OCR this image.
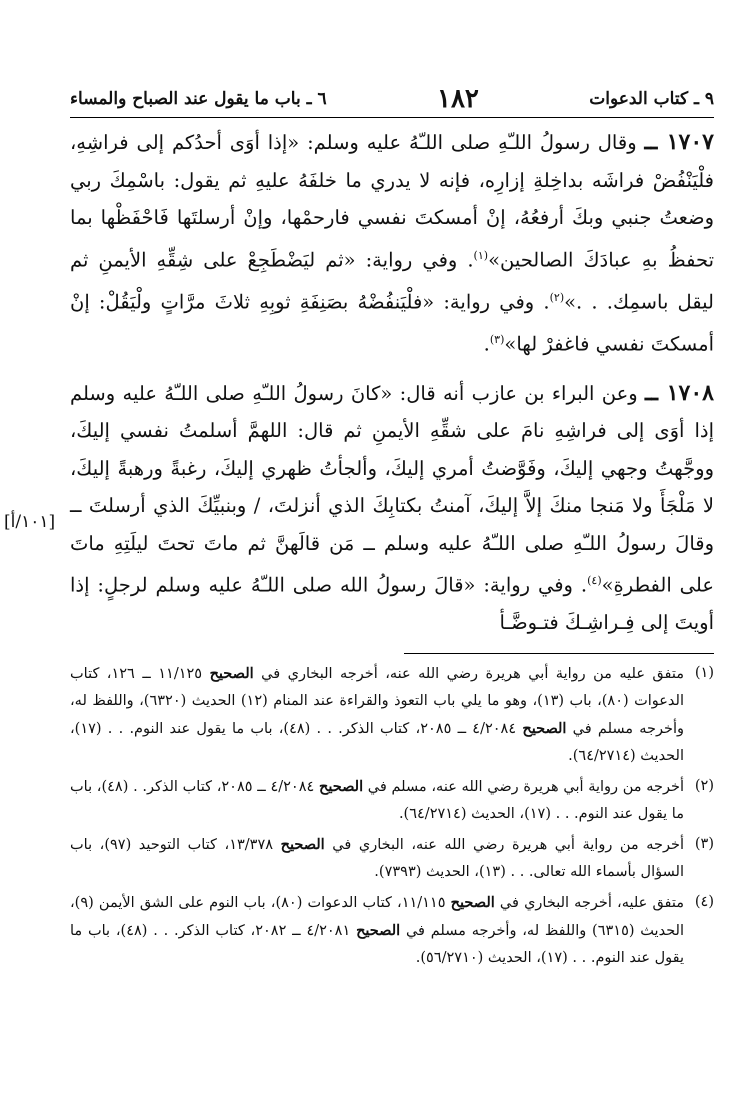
٩ ـ كتاب الدعوات
١٨٢
٦ ـ باب ما يقول عند الصباح والمساء

١٧٠٧ ــ وقال رسولُ اللـّهِ صلى اللـّهُ عليه وسلم: «إذا أوَى أحدُكم إلى فراشِهِ، فلْيَنْفُضْ فراشَه بداخِلةِ إزارِه، فإنه لا يدري ما خلفَهُ عليهِ ثم يقول: باسْمِكَ ربي وضعتُ جنبي وبكَ أرفعُهُ، إنْ أمسكتَ نفسي فارحمْها، وإنْ أرسلتَها فَاحْفَظْها بما تحفظُ بهِ عبادَكَ الصالحين»$^{(١)}$. وفي رواية: «ثم ليَضْطَجِعْ على شِقِّهِ الأيمنِ ثم ليقل باسمِك. . .»$^{(٢)}$. وفي رواية: «فلْيَنفُضْهُ بصَنِفَةِ ثوبِهِ ثلاثَ مرَّاتٍ ولْيَقُلْ: إنْ أمسكتَ نفسي فاغفرْ لها»$^{(٣)}$.

١٧٠٨ ــ وعن البراء بن عازب أنه قال: «كانَ رسولُ اللـّهِ صلى اللـّهُ عليه وسلم إذا أوَى إلى فراشِهِ نامَ على شقِّهِ الأيمنِ ثم قال: اللهمَّ أسلمتُ نفسي إليكَ، ووجَّهتُ وجهي إليكَ، وفَوَّضتُ أمري إليكَ، وألجأتُ ظهري إليكَ، رغبةً ورهبةً إليكَ، لا مَلْجَأَ ولا مَنجا منكَ إلاَّ إليكَ، آمنتُ بكتابِكَ الذي أنزلتَ، / وبنبيِّكَ الذي أرسلتَ ــ وقالَ رسولُ اللـّهِ صلى اللـّهُ عليه وسلم ــ مَن قالَهنَّ ثم ماتَ تحتَ ليلَتِهِ ماتَ على الفطرةِ»$^{(٤)}$. وفي رواية: «قالَ رسولُ الله صلى اللـّهُ عليه وسلم لرجلٍ: إذا أويتَ إلى فِـراشِـكَ فتـوضَّـأ

[١٠١/أ]
(١)
متفق عليه من رواية أبي هريرة رضي الله عنه، أخرجه البخاري في الصحيح ١١/١٢٥ ــ ١٢٦، كتاب الدعوات (٨٠)، باب (١٣)، وهو ما يلي باب التعوذ والقراءة عند المنام (١٢) الحديث (٦٣٢٠)، واللفظ له، وأخرجه مسلم في الصحيح ٤/٢٠٨٤ ــ ٢٠٨٥، كتاب الذكر. . . (٤٨)، باب ما يقول عند النوم. . . (١٧)، الحديث (٦٤/٢٧١٤).
(٢)
أخرجه من رواية أبي هريرة رضي الله عنه، مسلم في الصحيح ٤/٢٠٨٤ ــ ٢٠٨٥، كتاب الذكر. . (٤٨)، باب ما يقول عند النوم. . . (١٧)، الحديث (٦٤/٢٧١٤).
(٣)
أخرجه من رواية أبي هريرة رضي الله عنه، البخاري في الصحيح ١٣/٣٧٨، كتاب التوحيد (٩٧)، باب السؤال بأسماء الله تعالى. . . (١٣)، الحديث (٧٣٩٣).
(٤)
متفق عليه، أخرجه البخاري في الصحيح ١١/١١٥، كتاب الدعوات (٨٠)، باب النوم على الشق الأيمن (٩)، الحديث (٦٣١٥) واللفظ له، وأخرجه مسلم في الصحيح ٤/٢٠٨١ ــ ٢٠٨٢، كتاب الذكر. . . (٤٨)، باب ما يقول عند النوم. . . (١٧)، الحديث (٥٦/٢٧١٠).
